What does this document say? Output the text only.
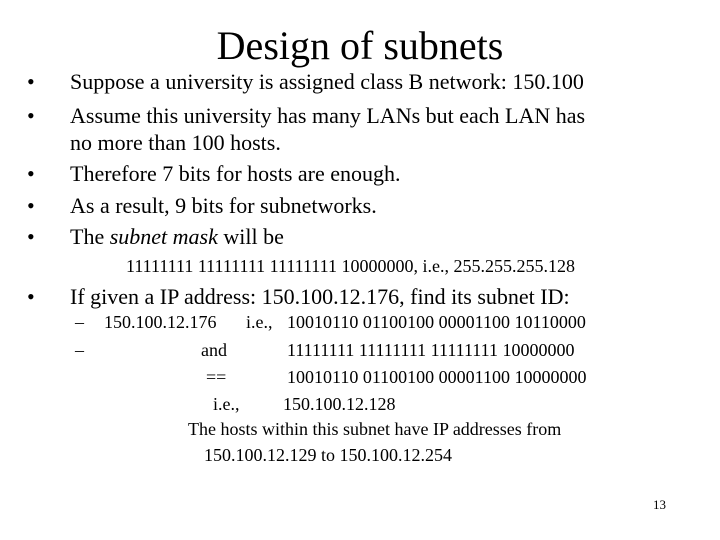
Design of subnets
• Suppose a university is assigned class B network: 150.100
• Assume this university has many LANs but each LAN has
no more than 100 hosts.
• Therefore 7 bits for hosts are enough.
• As a result, 9 bits for subnetworks.
• The subnet mask will be
11111111 11111111 11111111 10000000, i.e., 255.255.255.128
• If given a IP address: 150.100.12.176, find its subnet ID:
– 150.100.12.176 i.e., 10010110 01100100 00001100 10110000
–	and	11111111 11111111 11111111 10000000
==	10010110 01100100 00001100 10000000
i.e., 150.100.12.128
The hosts within this subnet have IP addresses from
150.100.12.129 to 150.100.12.254
13
